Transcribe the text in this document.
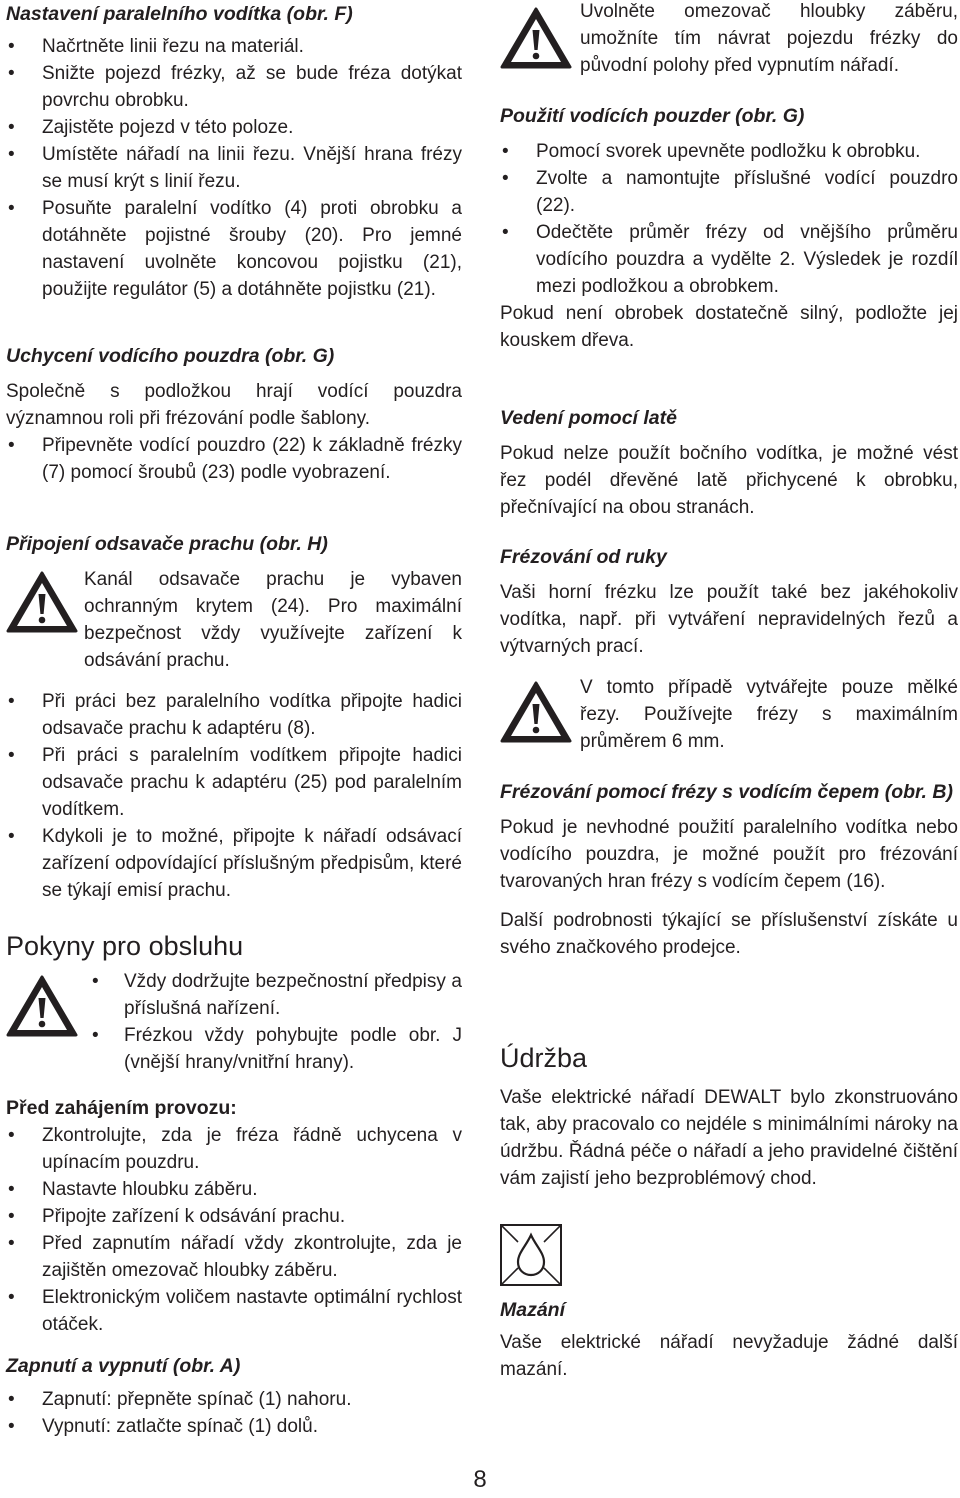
Nastavení paralelního vodítka (obr. F)
• Načrtněte linii řezu na materiál.
• Snižte pojezd frézky, až se bude fréza dotýkat povrchu obrobku.
• Zajistěte pojezd v této poloze.
• Umístěte nářadí na linii řezu. Vnější hrana frézy se musí krýt s linií řezu.
• Posuňte paralelní vodítko (4) proti obrobku a dotáhněte pojistné šrouby (20). Pro jemné nastavení uvolněte koncovou pojistku (21), použijte regulátor (5) a dotáhněte pojistku (21).
Uchycení vodícího pouzdra (obr. G)

Společně s podložkou hrají vodící pouzdra významnou roli při frézování podle šablony.

• Připevněte vodící pouzdro (22) k základně frézky (7) pomocí šroubů (23) podle vyobrazení.
Připojení odsavače prachu (obr. H)
Kanál odsavače prachu je vybaven ochranným krytem (24). Pro maximální bezpečnost vždy využívejte zařízení k odsávání prachu.
• Při práci bez paralelního vodítka připojte hadici odsavače prachu k adaptéru (8).
• Při práci s paralelním vodítkem připojte hadici odsavače prachu k adaptéru (25) pod paralelním vodítkem.
• Kdykoli je to možné, připojte k nářadí odsávací zařízení odpovídající příslušným předpisům, které se týkají emisí prachu.
Pokyny pro obsluhu
• Vždy dodržujte bezpečnostní předpisy a příslušná nařízení.
• Frézkou vždy pohybujte podle obr. J (vnější hrany/vnitřní hrany).
Před zahájením provozu:
• Zkontrolujte, zda je fréza řádně uchycena v upínacím pouzdru.
• Nastavte hloubku záběru.
• Připojte zařízení k odsávání prachu.
• Před zapnutím nářadí vždy zkontrolujte, zda je zajištěn omezovač hloubky záběru.
• Elektronickým voličem nastavte optimální rychlost otáček.
Zapnutí a vypnutí (obr. A)
• Zapnutí: přepněte spínač (1) nahoru.
• Vypnutí: zatlačte spínač (1) dolů.
Uvolněte omezovač hloubky záběru, umožníte tím návrat pojezdu frézky do původní polohy před vypnutím nářadí.
Použití vodících pouzder (obr. G)
• Pomocí svorek upevněte podložku k obrobku.
• Zvolte a namontujte příslušné vodící pouzdro (22).
• Odečtěte průměr frézy od vnějšího průměru vodícího pouzdra a vydělte 2. Výsledek je rozdíl mezi podložkou a obrobkem.

Pokud není obrobek dostatečně silný, podložte jej kouskem dřeva.

Vedení pomocí latě

Pokud nelze použít bočního vodítka, je možné vést řez podél dřevěné latě přichycené k obrobku, přečnívající na obou stranách.

Frézování od ruky

Vaši horní frézku lze použít také bez jakéhokoliv vodítka, např. při vytváření nepravidelných řezů a výtvarných prací.

V tomto případě vytvářejte pouze mělké řezy. Používejte frézy s maximálním průměrem 6 mm.
Frézování pomocí frézy s vodícím čepem (obr. B)

Pokud je nevhodné použití paralelního vodítka nebo vodícího pouzdra, je možné použít pro frézování tvarovaných hran frézy s vodícím čepem (16).

Další podrobnosti týkající se příslušenství získáte u svého značkového prodejce.

Údržba

Vaše elektrické nářadí DEWALT bylo zkonstruováno tak, aby pracovalo co nejdéle s minimálními nároky na údržbu. Řádná péče o nářadí a jeho pravidelné čištění vám zajistí jeho bezproblémový chod.

Mazání

Vaše elektrické nářadí nevyžaduje žádné další mazání.

8
